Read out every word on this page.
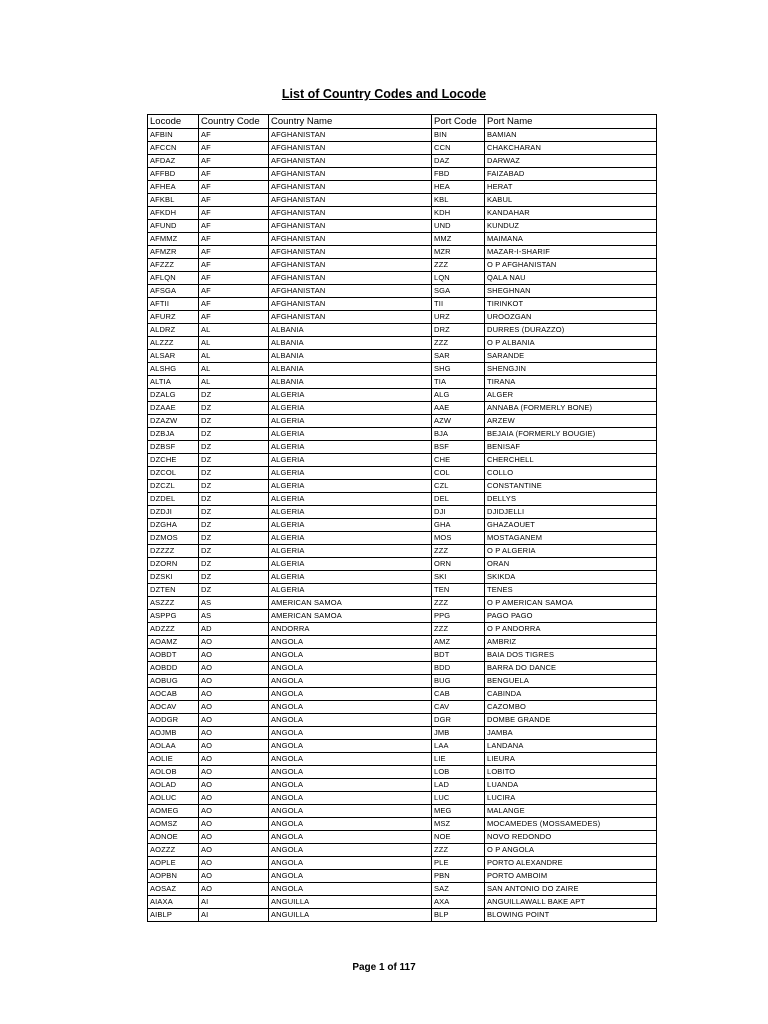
List of Country Codes and Locode
Locode	Country Code	Country Name	Port Code	Port Name
AFBIN	AF	AFGHANISTAN	BIN	BAMIAN
AFCCN	AF	AFGHANISTAN	CCN	CHAKCHARAN
AFDAZ	AF	AFGHANISTAN	DAZ	DARWAZ
AFFBD	AF	AFGHANISTAN	FBD	FAIZABAD
AFHEA	AF	AFGHANISTAN	HEA	HERAT
AFKBL	AF	AFGHANISTAN	KBL	KABUL
AFKDH	AF	AFGHANISTAN	KDH	KANDAHAR
AFUND	AF	AFGHANISTAN	UND	KUNDUZ
AFMMZ	AF	AFGHANISTAN	MMZ	MAIMANA
AFMZR	AF	AFGHANISTAN	MZR	MAZAR-I-SHARIF
AFZZZ	AF	AFGHANISTAN	ZZZ	O P AFGHANISTAN
AFLQN	AF	AFGHANISTAN	LQN	QALA NAU
AFSGA	AF	AFGHANISTAN	SGA	SHEGHNAN
AFTII	AF	AFGHANISTAN	TII	TIRINKOT
AFURZ	AF	AFGHANISTAN	URZ	UROOZGAN
ALDRZ	AL	ALBANIA	DRZ	DURRES (DURAZZO)
ALZZZ	AL	ALBANIA	ZZZ	O P ALBANIA
ALSAR	AL	ALBANIA	SAR	SARANDE
ALSHG	AL	ALBANIA	SHG	SHENGJIN
ALTIA	AL	ALBANIA	TIA	TIRANA
DZALG	DZ	ALGERIA	ALG	ALGER
DZAAE	DZ	ALGERIA	AAE	ANNABA (FORMERLY BONE)
DZAZW	DZ	ALGERIA	AZW	ARZEW
DZBJA	DZ	ALGERIA	BJA	BEJAIA (FORMERLY BOUGIE)
DZBSF	DZ	ALGERIA	BSF	BENISAF
DZCHE	DZ	ALGERIA	CHE	CHERCHELL
DZCOL	DZ	ALGERIA	COL	COLLO
DZCZL	DZ	ALGERIA	CZL	CONSTANTINE
DZDEL	DZ	ALGERIA	DEL	DELLYS
DZDJI	DZ	ALGERIA	DJI	DJIDJELLI
DZGHA	DZ	ALGERIA	GHA	GHAZAOUET
DZMOS	DZ	ALGERIA	MOS	MOSTAGANEM
DZZZZ	DZ	ALGERIA	ZZZ	O P ALGERIA
DZORN	DZ	ALGERIA	ORN	ORAN
DZSKI	DZ	ALGERIA	SKI	SKIKDA
DZTEN	DZ	ALGERIA	TEN	TENES
ASZZZ	AS	AMERICAN SAMOA	ZZZ	O P AMERICAN SAMOA
ASPPG	AS	AMERICAN SAMOA	PPG	PAGO PAGO
ADZZZ	AD	ANDORRA	ZZZ	O P ANDORRA
AOAMZ	AO	ANGOLA	AMZ	AMBRIZ
AOBDT	AO	ANGOLA	BDT	BAIA DOS TIGRES
AOBDD	AO	ANGOLA	BDD	BARRA DO DANCE
AOBUG	AO	ANGOLA	BUG	BENGUELA
AOCAB	AO	ANGOLA	CAB	CABINDA
AOCAV	AO	ANGOLA	CAV	CAZOMBO
AODGR	AO	ANGOLA	DGR	DOMBE GRANDE
AOJMB	AO	ANGOLA	JMB	JAMBA
AOLAA	AO	ANGOLA	LAA	LANDANA
AOLIE	AO	ANGOLA	LIE	LIEURA
AOLOB	AO	ANGOLA	LOB	LOBITO
AOLAD	AO	ANGOLA	LAD	LUANDA
AOLUC	AO	ANGOLA	LUC	LUCIRA
AOMEG	AO	ANGOLA	MEG	MALANGE
AOMSZ	AO	ANGOLA	MSZ	MOCAMEDES (MOSSAMEDES)
AONOE	AO	ANGOLA	NOE	NOVO REDONDO
AOZZZ	AO	ANGOLA	ZZZ	O P ANGOLA
AOPLE	AO	ANGOLA	PLE	PORTO ALEXANDRE
AOPBN	AO	ANGOLA	PBN	PORTO AMBOIM
AOSAZ	AO	ANGOLA	SAZ	SAN ANTONIO DO ZAIRE
AIAXA	AI	ANGUILLA	AXA	ANGUILLAWALL BAKE APT
AIBLP	AI	ANGUILLA	BLP	BLOWING POINT
Page 1 of 117
